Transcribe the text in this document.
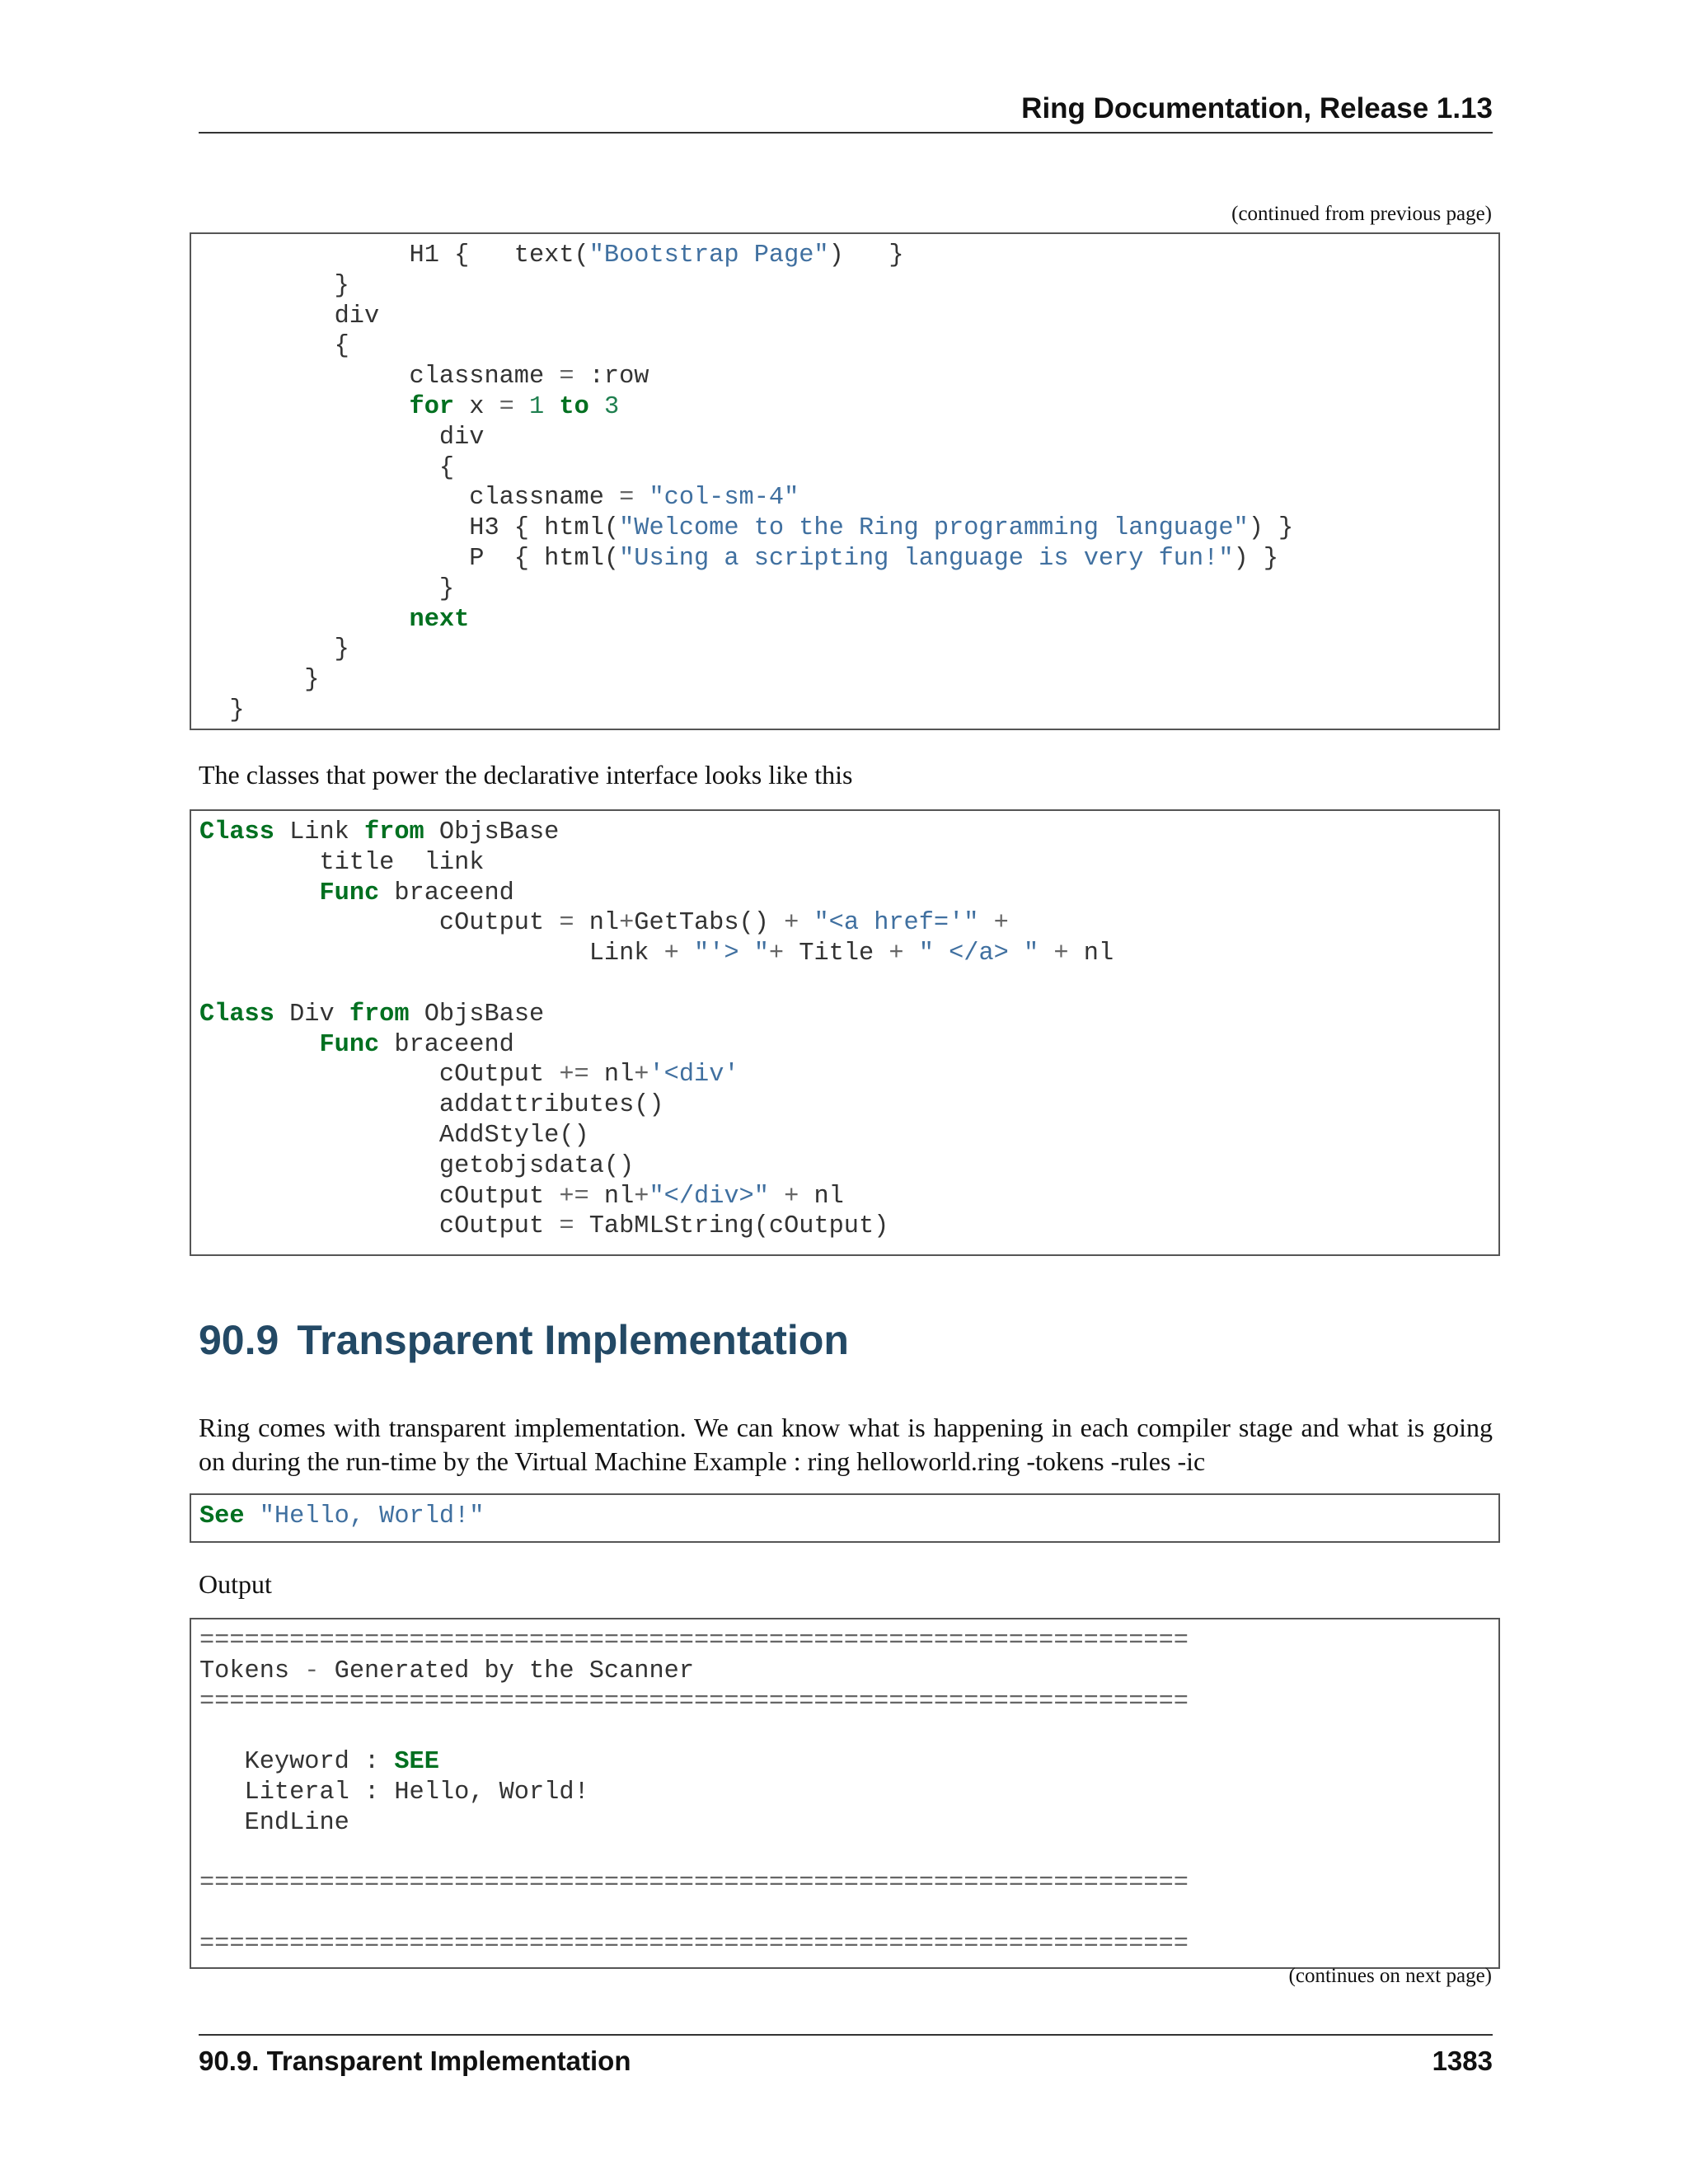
Ring Documentation, Release 1.13
(continued from previous page)
H1 {   text("Bootstrap Page")   }
}
div
{
classname = :row
for x = 1 to 3
div
{
classname = "col-sm-4"
H3 { html("Welcome to the Ring programming language") }
P  { html("Using a scripting language is very fun!") }
}
next
}
}
}

The classes that power the declarative interface looks like this

Class Link from ObjsBase
title  link
Func braceend
cOutput = nl+GetTabs() + "<a href='" +
Link + "'> "+ Title + " </a> " + nl

Class Div from ObjsBase
Func braceend
cOutput += nl+'<div'
addattributes()
AddStyle()
getobjsdata()
cOutput += nl+"</div>" + nl
cOutput = TabMLString(cOutput)
90.9 Transparent Implementation

Ring comes with transparent implementation. We can know what is happening in each compiler stage and what is going on during the run-time by the Virtual Machine Example : ring helloworld.ring -tokens -rules -ic

See "Hello, World!"

Output

==================================================================
Tokens - Generated by the Scanner
==================================================================

Keyword : SEE
Literal : Hello, World!
EndLine

==================================================================

==================================================================
(continues on next page)
90.9. Transparent Implementation	1383
